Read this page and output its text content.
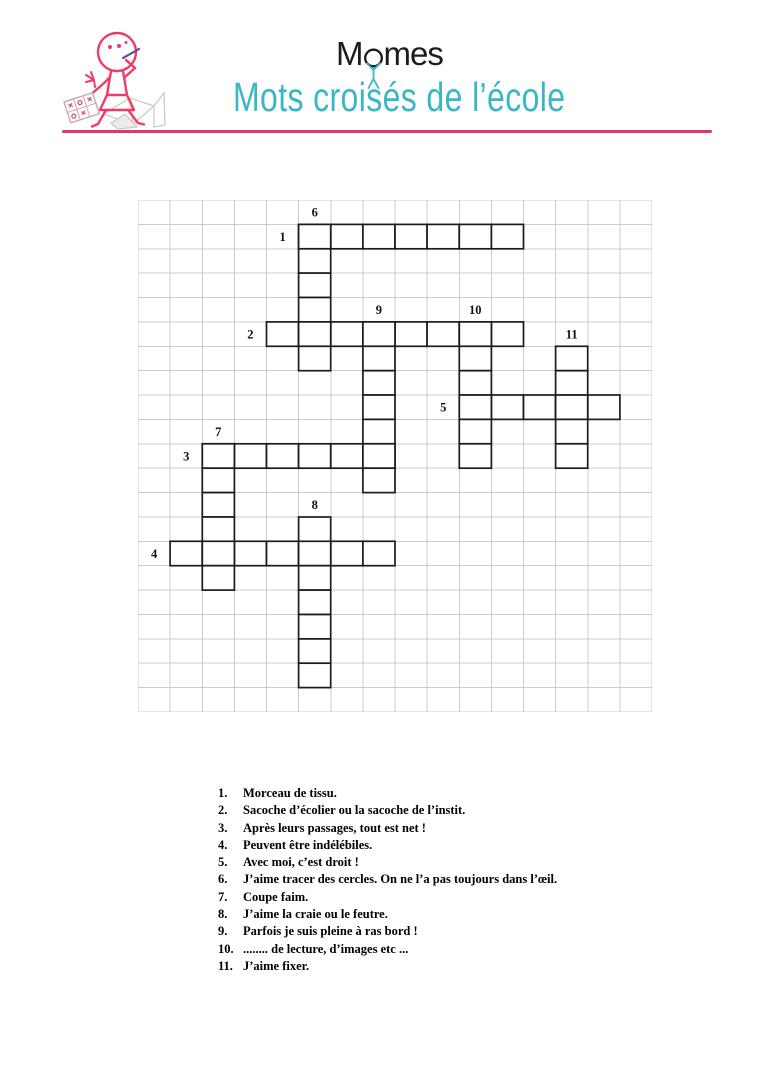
M mes
Mots croisés de l’école
1
2
3
4
5
6
7
8
9	10
11
1.	Morceau de tissu.
2.	Sacoche d’écolier ou la sacoche de l’instit.
3.	Après leurs passages, tout est net !
4.	Peuvent être indélébiles.
5.	Avec moi, c’est droit !
6.	J’aime tracer des cercles. On ne l’a pas toujours dans l’œil.
7.	Coupe faim.
8.	J’aime la craie ou le feutre.
9.	Parfois je suis pleine à ras bord !
10. ........ de lecture, d’images etc ...
11. J’aime fixer.
